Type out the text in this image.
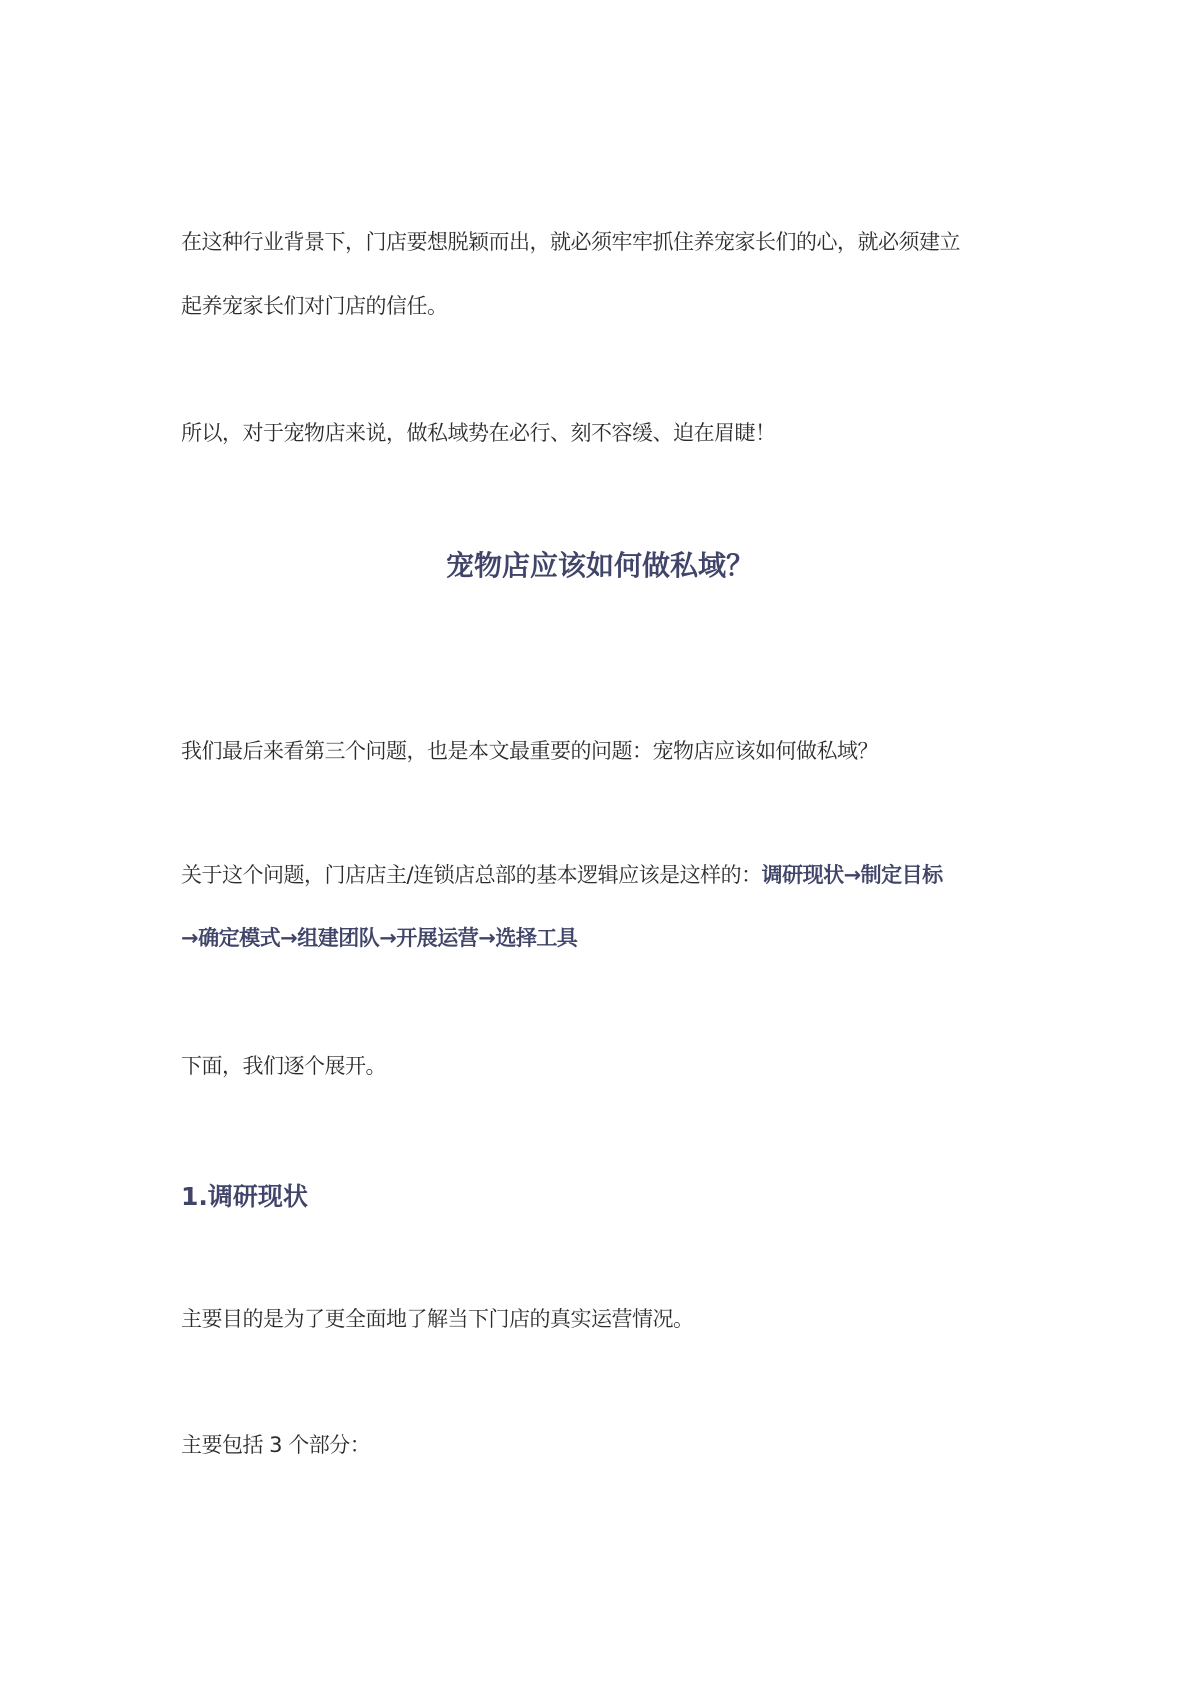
在这种行业背景下，门店要想脱颖而出，就必须牢牢抓住养宠家长们的心，就必须建立
起养宠家长们对门店的信任。
所以，对于宠物店来说，做私域势在必行、刻不容缓、迫在眉睫！
宠物店应该如何做私域？
我们最后来看第三个问题，也是本文最重要的问题：宠物店应该如何做私域？
关于这个问题，门店店主/连锁店总部的基本逻辑应该是这样的：调研现状→制定目标
→确定模式→组建团队→开展运营→选择工具
下面，我们逐个展开。
1.调研现状
主要目的是为了更全面地了解当下门店的真实运营情况。
主要包括 3 个部分：
